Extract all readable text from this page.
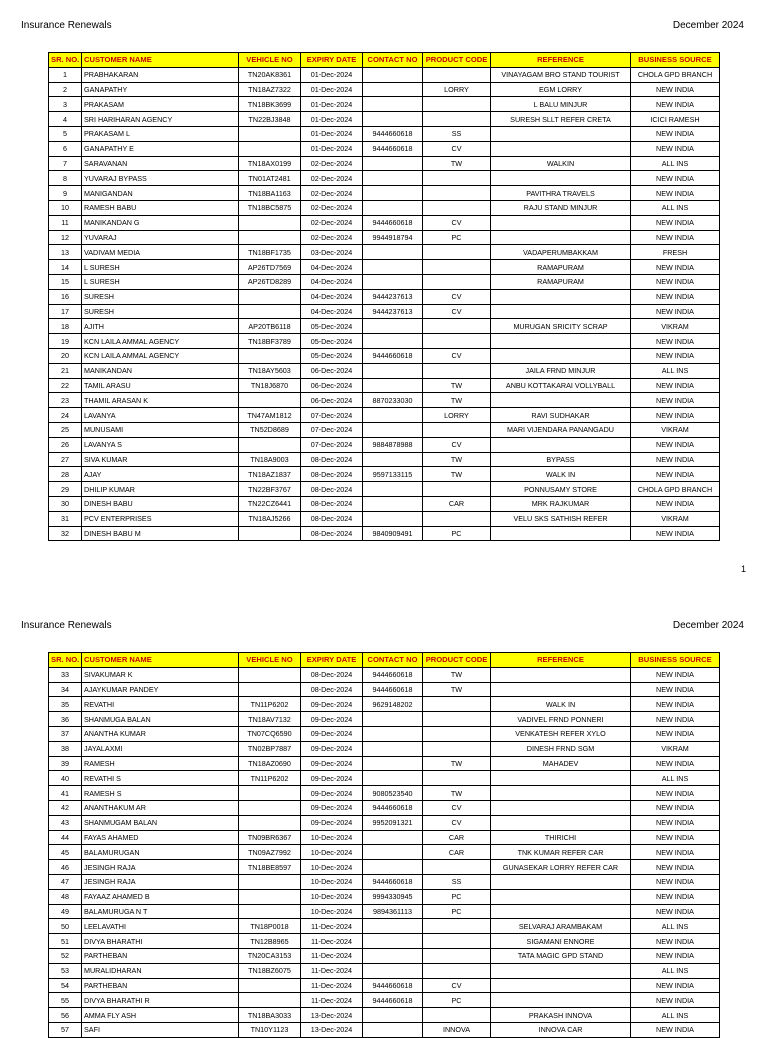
Insurance Renewals	December 2024
SR. NO.	CUSTOMER NAME	VEHICLE NO	EXPIRY DATE	CONTACT NO	PRODUCT CODE	REFERENCE	BUSINESS SOURCE
1	PRABHAKARAN	TN20AK8361	01-Dec-2024			VINAYAGAM BRO STAND TOURIST	CHOLA GPD BRANCH
2	GANAPATHY	TN18AZ7322	01-Dec-2024		LORRY	EGM LORRY	NEW INDIA
3	PRAKASAM	TN18BK3699	01-Dec-2024			L BALU MINJUR	NEW INDIA
4	SRI HARIHARAN AGENCY	TN22BJ3848	01-Dec-2024			SURESH SLLT REFER CRETA	ICICI RAMESH
5	PRAKASAM L		01-Dec-2024	9444660618	SS		NEW INDIA
6	GANAPATHY E		01-Dec-2024	9444660618	CV		NEW INDIA
7	SARAVANAN	TN18AX0199	02-Dec-2024		TW	WALKIN	ALL INS
8	YUVARAJ BYPASS	TN01AT2481	02-Dec-2024				NEW INDIA
9	MANIGANDAN	TN18BA1163	02-Dec-2024			PAVITHRA TRAVELS	NEW INDIA
10	RAMESH BABU	TN18BC5875	02-Dec-2024			RAJU STAND MINJUR	ALL INS
11	MANIKANDAN G		02-Dec-2024	9444660618	CV		NEW INDIA
12	YUVARAJ		02-Dec-2024	9944918794	PC		NEW INDIA
13	VADIVAM MEDIA	TN18BF1735	03-Dec-2024			VADAPERUMBAKKAM	FRESH
14	L SURESH	AP26TD7569	04-Dec-2024			RAMAPURAM	NEW INDIA
15	L SURESH	AP26TD8289	04-Dec-2024			RAMAPURAM	NEW INDIA
16	SURESH		04-Dec-2024	9444237613	CV		NEW INDIA
17	SURESH		04-Dec-2024	9444237613	CV		NEW INDIA
18	AJITH	AP20TB6118	05-Dec-2024			MURUGAN SRICITY SCRAP	VIKRAM
19	KCN LAILA AMMAL AGENCY	TN18BF3789	05-Dec-2024				NEW INDIA
20	KCN LAILA AMMAL AGENCY		05-Dec-2024	9444660618	CV		NEW INDIA
21	MANIKANDAN	TN18AY5603	06-Dec-2024			JAILA FRND MINJUR	ALL INS
22	TAMIL ARASU	TN18J6870	06-Dec-2024		TW	ANBU KOTTAKARAI VOLLYBALL	NEW INDIA
23	THAMIL ARASAN K		06-Dec-2024	8870233030	TW		NEW INDIA
24	LAVANYA	TN47AM1812	07-Dec-2024		LORRY	RAVI SUDHAKAR	NEW INDIA
25	MUNUSAMI	TN52D8689	07-Dec-2024			MARI VIJENDARA PANANGADU	VIKRAM
26	LAVANYA S		07-Dec-2024	9884878988	CV		NEW INDIA
27	SIVA KUMAR	TN18A9003	08-Dec-2024		TW	BYPASS	NEW INDIA
28	AJAY	TN18AZ1837	08-Dec-2024	9597133115	TW	WALK IN	NEW INDIA
29	DHILIP KUMAR	TN22BF3767	08-Dec-2024			PONNUSAMY STORE	CHOLA GPD BRANCH
30	DINESH BABU	TN22CZ6441	08-Dec-2024		CAR	MRK RAJKUMAR	NEW INDIA
31	PCV ENTERPRISES	TN18AJ5266	08-Dec-2024			VELU SKS SATHISH REFER	VIKRAM
32	DINESH BABU M		08-Dec-2024	9840909491	PC		NEW INDIA
1
Insurance Renewals	December 2024
SR. NO.	CUSTOMER NAME	VEHICLE NO	EXPIRY DATE	CONTACT NO	PRODUCT CODE	REFERENCE	BUSINESS SOURCE
33	SIVAKUMAR K		08-Dec-2024	9444660618	TW		NEW INDIA
34	AJAYKUMAR PANDEY		08-Dec-2024	9444660618	TW		NEW INDIA
35	REVATHI	TN11P6202	09-Dec-2024	9629148202		WALK IN	NEW INDIA
36	SHANMUGA BALAN	TN18AV7132	09-Dec-2024			VADIVEL FRND PONNERI	NEW INDIA
37	ANANTHA KUMAR	TN07CQ6590	09-Dec-2024			VENKATESH REFER XYLO	NEW INDIA
38	JAYALAXMI	TN02BP7887	09-Dec-2024			DINESH FRND SGM	VIKRAM
39	RAMESH	TN18AZ0690	09-Dec-2024		TW	MAHADEV	NEW INDIA
40	REVATHI S	TN11P6202	09-Dec-2024				ALL INS
41	RAMESH S		09-Dec-2024	9080523540	TW		NEW INDIA
42	ANANTHAKUM AR		09-Dec-2024	9444660618	CV		NEW INDIA
43	SHANMUGAM BALAN		09-Dec-2024	9952091321	CV		NEW INDIA
44	FAYAS AHAMED	TN09BR6367	10-Dec-2024		CAR	THIRICHI	NEW INDIA
45	BALAMURUGAN	TN09AZ7992	10-Dec-2024		CAR	TNK KUMAR REFER CAR	NEW INDIA
46	JESINGH RAJA	TN18BE8597	10-Dec-2024			GUNASEKAR LORRY REFER CAR	NEW INDIA
47	JESINGH RAJA		10-Dec-2024	9444660618	SS		NEW INDIA
48	FAYAAZ AHAMED B		10-Dec-2024	9994330945	PC		NEW INDIA
49	BALAMURUGA N T		10-Dec-2024	9894361113	PC		NEW INDIA
50	LEELAVATHI	TN18P0018	11-Dec-2024			SELVARAJ ARAMBAKAM	ALL INS
51	DIVYA BHARATHI	TN12B8965	11-Dec-2024			SIGAMANI ENNORE	NEW INDIA
52	PARTHEBAN	TN20CA3153	11-Dec-2024			TATA MAGIC GPD STAND	NEW INDIA
53	MURALIDHARAN	TN18BZ6075	11-Dec-2024				ALL INS
54	PARTHEBAN		11-Dec-2024	9444660618	CV		NEW INDIA
55	DIVYA BHARATHI R		11-Dec-2024	9444660618	PC		NEW INDIA
56	AMMA FLY ASH	TN18BA3033	13-Dec-2024			PRAKASH INNOVA	ALL INS
57	SAFI	TN10Y1123	13-Dec-2024		INNOVA	INNOVA CAR	NEW INDIA
